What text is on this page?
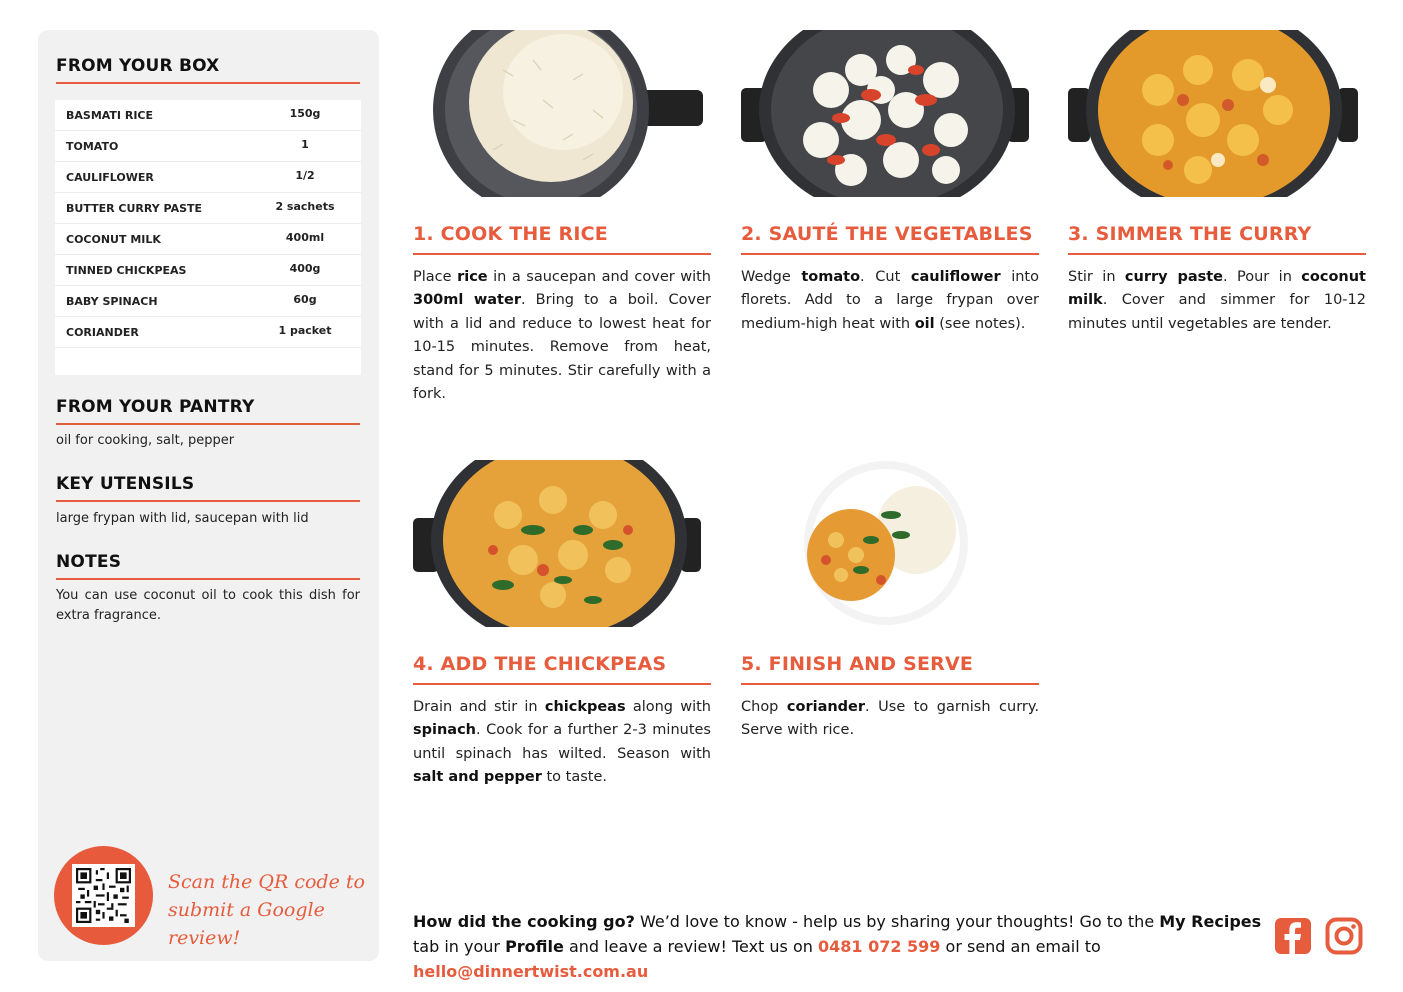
FROM YOUR BOX
BASMATI RICE	150g
TOMATO	1
CAULIFLOWER	1/2
BUTTER CURRY PASTE	2 sachets
COCONUT MILK	400ml
TINNED CHICKPEAS	400g
BABY SPINACH	60g
CORIANDER	1 packet
FROM YOUR PANTRY
oil for cooking, salt, pepper
KEY UTENSILS
large frypan with lid, saucepan with lid
NOTES
You can use coconut oil to cook this dish for extra fragrance.
Scan the QR code to
submit a Google review!
1. COOK THE RICE
Place rice in a saucepan and cover with 300ml water. Bring to a boil. Cover with a lid and reduce to lowest heat for 10-15 minutes. Remove from heat, stand for 5 minutes. Stir carefully with a fork.
2. SAUTÉ THE VEGETABLES
Wedge tomato. Cut cauliflower into florets. Add to a large frypan over medium-high heat with oil (see notes).
3. SIMMER THE CURRY
Stir in curry paste. Pour in coconut milk. Cover and simmer for 10-12 minutes until vegetables are tender.
4. ADD THE CHICKPEAS
Drain and stir in chickpeas along with spinach. Cook for a further 2-3 minutes until spinach has wilted. Season with salt and pepper to taste.
5. FINISH AND SERVE
Chop coriander. Use to garnish curry. Serve with rice.
How did the cooking go? We’d love to know - help us by sharing your thoughts! Go to the My Recipes tab in your Profile and leave a review! Text us on 0481 072 599 or send an email to hello@dinnertwist.com.au
